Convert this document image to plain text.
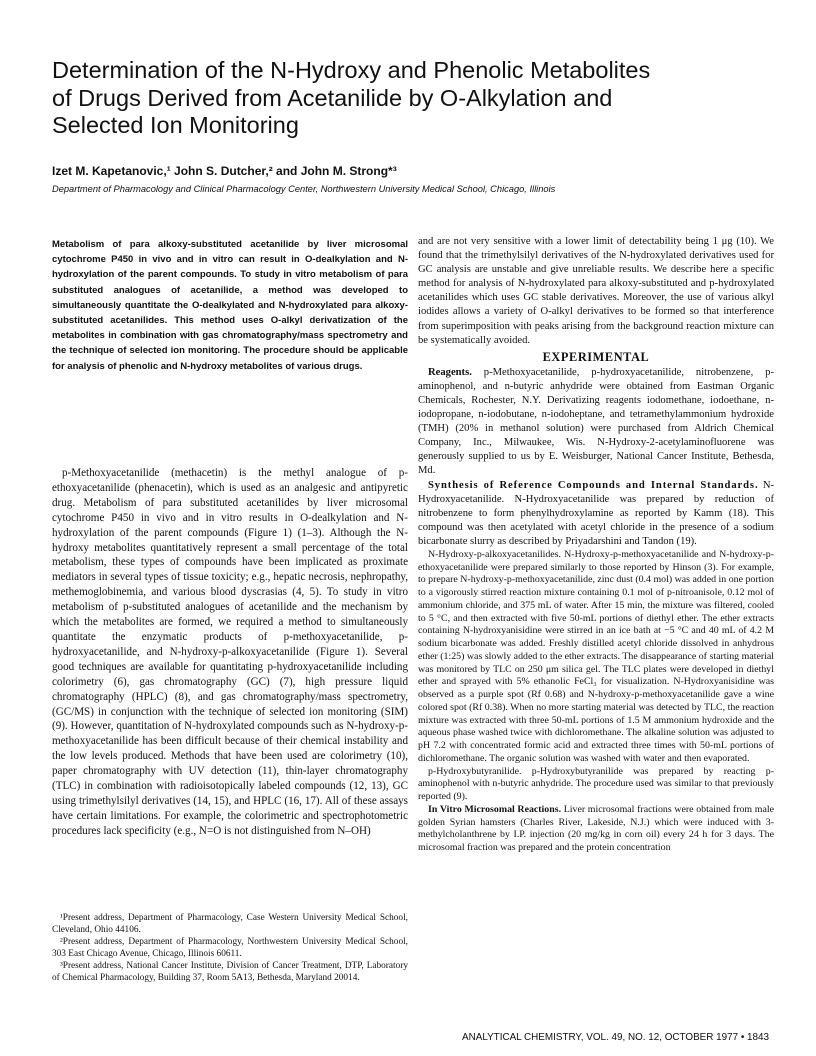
Determination of the N-Hydroxy and Phenolic Metabolites
of Drugs Derived from Acetanilide by O-Alkylation and
Selected Ion Monitoring
Izet M. Kapetanovic,¹ John S. Dutcher,² and John M. Strong*³
Department of Pharmacology and Clinical Pharmacology Center, Northwestern University Medical School, Chicago, Illinois

Metabolism of para alkoxy-substituted acetanilide by liver microsomal cytochrome P450 in vivo and in vitro can result in O-dealkylation and N-hydroxylation of the parent compounds. To study in vitro metabolism of para substituted analogues of acetanilide, a method was developed to simultaneously quantitate the O-dealkylated and N-hydroxylated para alkoxy-substituted acetanilides. This method uses O-alkyl derivatization of the metabolites in combination with gas chromatography/mass spectrometry and the technique of selected ion monitoring. The procedure should be applicable for analysis of phenolic and N-hydroxy metabolites of various drugs.

p-Methoxyacetanilide (methacetin) is the methyl analogue of p-ethoxyacetanilide (phenacetin), which is used as an analgesic and antipyretic drug. Metabolism of para substituted acetanilides by liver microsomal cytochrome P450 in vivo and in vitro results in O-dealkylation and N-hydroxylation of the parent compounds (Figure 1) (1–3). Although the N-hydroxy metabolites quantitatively represent a small percentage of the total metabolism, these types of compounds have been implicated as proximate mediators in several types of tissue toxicity; e.g., hepatic necrosis, nephropathy, methemoglobinemia, and various blood dyscrasias (4, 5). To study in vitro metabolism of p-substituted analogues of acetanilide and the mechanism by which the metabolites are formed, we required a method to simultaneously quantitate the enzymatic products of p-methoxyacetanilide, p-hydroxyacetanilide, and N-hydroxy-p-alkoxyacetanilide (Figure 1). Several good techniques are available for quantitating p-hydroxyacetanilide including colorimetry (6), gas chromatography (GC) (7), high pressure liquid chromatography (HPLC) (8), and gas chromatography/mass spectrometry, (GC/MS) in conjunction with the technique of selected ion monitoring (SIM) (9). However, quantitation of N-hydroxylated compounds such as N-hydroxy-p-methoxyacetanilide has been difficult because of their chemical instability and the low levels produced. Methods that have been used are colorimetry (10), paper chromatography with UV detection (11), thin-layer chromatography (TLC) in combination with radioisotopically labeled compounds (12, 13), GC using trimethylsilyl derivatives (14, 15), and HPLC (16, 17). All of these assays have certain limitations. For example, the colorimetric and spectrophotometric procedures lack specificity (e.g., N=O is not distinguished from N–OH)

¹Present address, Department of Pharmacology, Case Western University Medical School, Cleveland, Ohio 44106.

²Present address, Department of Pharmacology, Northwestern University Medical School, 303 East Chicago Avenue, Chicago, Illinois 60611.

³Present address, National Cancer Institute, Division of Cancer Treatment, DTP, Laboratory of Chemical Pharmacology, Building 37, Room 5A13, Bethesda, Maryland 20014.

and are not very sensitive with a lower limit of detectability being 1 μg (10). We found that the trimethylsilyl derivatives of the N-hydroxylated derivatives used for GC analysis are unstable and give unreliable results. We describe here a specific method for analysis of N-hydroxylated para alkoxy-substituted and p-hydroxylated acetanilides which uses GC stable derivatives. Moreover, the use of various alkyl iodides allows a variety of O-alkyl derivatives to be formed so that interference from superimposition with peaks arising from the background reaction mixture can be systematically avoided.

EXPERIMENTAL

Reagents. p-Methoxyacetanilide, p-hydroxyacetanilide, nitrobenzene, p-aminophenol, and n-butyric anhydride were obtained from Eastman Organic Chemicals, Rochester, N.Y. Derivatizing reagents iodomethane, iodoethane, n-iodopropane, n-iodobutane, n-iodoheptane, and tetramethylammonium hydroxide (TMH) (20% in methanol solution) were purchased from Aldrich Chemical Company, Inc., Milwaukee, Wis. N-Hydroxy-2-acetylaminofluorene was generously supplied to us by E. Weisburger, National Cancer Institute, Bethesda, Md.

Synthesis of Reference Compounds and Internal Standards. N-Hydroxyacetanilide. N-Hydroxyacetanilide was prepared by reduction of nitrobenzene to form phenylhydroxylamine as reported by Kamm (18). This compound was then acetylated with acetyl chloride in the presence of a sodium bicarbonate slurry as described by Priyadarshini and Tandon (19).

N-Hydroxy-p-alkoxyacetanilides. N-Hydroxy-p-methoxyacetanilide and N-hydroxy-p-ethoxyacetanilide were prepared similarly to those reported by Hinson (3). For example, to prepare N-hydroxy-p-methoxyacetanilide, zinc dust (0.4 mol) was added in one portion to a vigorously stirred reaction mixture containing 0.1 mol of p-nitroanisole, 0.12 mol of ammonium chloride, and 375 mL of water. After 15 min, the mixture was filtered, cooled to 5 °C, and then extracted with five 50-mL portions of diethyl ether. The ether extracts containing N-hydroxyanisidine were stirred in an ice bath at −5 °C and 40 mL of 4.2 M sodium bicarbonate was added. Freshly distilled acetyl chloride dissolved in anhydrous ether (1:25) was slowly added to the ether extracts. The disappearance of starting material was monitored by TLC on 250 μm silica gel. The TLC plates were developed in diethyl ether and sprayed with 5% ethanolic FeCl₃ for visualization. N-Hydroxyanisidine was observed as a purple spot (Rf 0.68) and N-hydroxy-p-methoxyacetanilide gave a wine colored spot (Rf 0.38). When no more starting material was detected by TLC, the reaction mixture was extracted with three 50-mL portions of 1.5 M ammonium hydroxide and the aqueous phase washed twice with dichloromethane. The alkaline solution was adjusted to pH 7.2 with concentrated formic acid and extracted three times with 50-mL portions of dichloromethane. The organic solution was washed with water and then evaporated.

p-Hydroxybutyranilide. p-Hydroxybutyranilide was prepared by reacting p-aminophenol with n-butyric anhydride. The procedure used was similar to that previously reported (9).

In Vitro Microsomal Reactions. Liver microsomal fractions were obtained from male golden Syrian hamsters (Charles River, Lakeside, N.J.) which were induced with 3-methylcholanthrene by I.P. injection (20 mg/kg in corn oil) every 24 h for 3 days. The microsomal fraction was prepared and the protein concentration

ANALYTICAL CHEMISTRY, VOL. 49, NO. 12, OCTOBER 1977 • 1843
